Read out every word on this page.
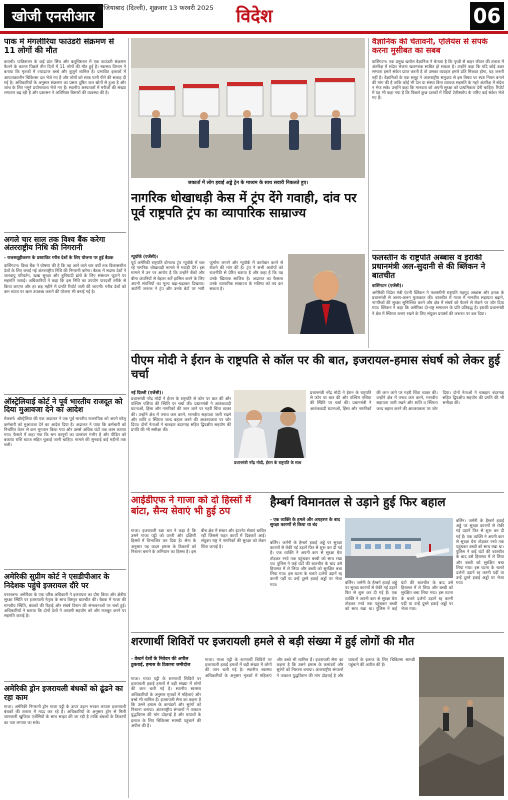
खोजी एनसीआर
गाजियाबाद (दिल्ली), शुक्रवार 13 फरवरी 2025 विदेश	06
पाक में मंगलीरिया फाउंडरी संक्रमण से 11 लोगों की मौत
कराची। पाकिस्तान के कई प्रांत सिंध और बलूचिस्तान में एक फाउंडरी संक्रमण फैलने के कारण पिछले तीन दिनों में 11 लोगों की मौत हुई है। स्वास्थ्य विभाग ने बताया कि मृतकों में ज्यादातर बच्चे और बुजुर्ग शामिल हैं। प्रभावित इलाकों में आपातकालीन चिकित्सा दल भेजे गए हैं और लोगों को साफ पानी पीने की सलाह दी गई है। अधिकारियों के अनुसार संक्रमण का प्रसार दूषित जल स्रोतों से हुआ है और जांच के लिए नमूने प्रयोगशाला भेजे गए हैं। स्थानीय अस्पतालों में मरीजों की संख्या लगातार बढ़ रही है और प्रशासन ने अतिरिक्त बिस्तरों की व्यवस्था की है।
अगले चार साल तक विश्व बैंक करेगा अंतरराष्ट्रीय निधि की निगरानी
- राजस्व्यूहीकरण के प्रस्तावित गरीब देशों के लिए योजना पर हुई बैठक
वाशिंगटन। विश्व बैंक ने घोषणा की है कि वह आने वाले चार वर्षों तक विकासशील देशों के लिए बनाई गई अंतरराष्ट्रीय निधि की निगरानी करेगा। बैठक में सदस्य देशों ने जलवायु परिवर्तन, खाद्य सुरक्षा और बुनियादी ढांचे के लिए संसाधन जुटाने पर सहमति जताई। अधिकारियों ने कहा कि इस निधि का उपयोग पारदर्शी तरीके से किया जाएगा और हर छह महीने में प्रगति रिपोर्ट जारी की जाएगी। गरीब देशों को कम ब्याज पर ऋण उपलब्ध कराने की योजना भी बनाई गई है।
ऑस्ट्रेलियाई कोर्ट ने पूर्व भारतीय राजदूत को दिया मुआवजा देने का आदेश
मेलबर्न। ऑस्ट्रेलिया की एक अदालत ने एक पूर्व भारतीय राजनयिक को अपने घरेलू कर्मचारी को मुआवजा देने का आदेश दिया है। अदालत ने पाया कि कर्मचारी को निर्धारित वेतन से कम भुगतान किया गया और उससे अधिक घंटों तक काम कराया गया। फैसले में कहा गया कि श्रम कानूनों का उल्लंघन गंभीर है और पीड़ित को बकाया राशि ब्याज सहित चुकाई जानी चाहिए। मामले की सुनवाई कई महीनों तक चली।
अमेरिकी सुप्रीम कोर्ट ने एसडीपीआर के निदेशक पहुंचे इजरायल दौरे पर
यरुशलम। अमेरिका के एक वरिष्ठ अधिकारी ने इजरायल का दौरा किया और क्षेत्रीय सुरक्षा स्थिति पर इजरायली नेतृत्व के साथ विस्तृत बातचीत की। बैठक में गाजा की मानवीय स्थिति, बंधकों की रिहाई और संघर्ष विराम की संभावनाओं पर चर्चा हुई। अधिकारियों ने बताया कि दोनों देशों ने आपसी सहयोग को और मजबूत करने पर सहमति जताई है।
अमेरिकी ड्रोन इजरायली बंधकों को ढूंढने का रहा काम
गाजा। अमेरिकी निगरानी ड्रोन गाजा पट्टी के ऊपर उड़ान भरकर लापता इजरायली बंधकों की तलाश में मदद कर रहे हैं। अधिकारियों के अनुसार ड्रोन से मिली जानकारी खुफिया एजेंसियों के साथ साझा की जा रही है ताकि बंधकों के ठिकानों का पता लगाया जा सके।
जकार्ता में लोग हवाई अड्डे ट्रेन के माध्यम के साथ सवारी निकलते हुए।
नागरिक धोखाधड़ी केस में ट्रंप देंगे गवाही, दांव पर पूर्व राष्ट्रपति ट्रंप का व्यापारिक साम्राज्य
न्यूयॉर्क (एजेंसी)।
पूर्व अमेरिकी राष्ट्रपति डोनाल्ड ट्रंप न्यूयॉर्क में चल रहे नागरिक धोखाधड़ी मामले में गवाही देंगे। इस मामले में उन पर आरोप है कि उन्होंने बैंकों और बीमा कंपनियों से बेहतर शर्तें हासिल करने के लिए अपनी संपत्तियों का मूल्य बढ़ा-चढ़ाकर दिखाया। अटॉर्नी जनरल ने ट्रंप और उनके बेटों पर भारी जुर्माना लगाने और न्यूयॉर्क में कारोबार करने से रोकने की मांग की है। ट्रंप ने सभी आरोपों को राजनीति से प्रेरित बताया है और कहा है कि यह उनके खिलाफ साजिश है। अदालत का फैसला उनके व्यापारिक साम्राज्य के भविष्य को तय कर सकता है।
वैज्ञानिक की चेतावनी, एलियंस से संपर्क करना मुसीबत का सबब
वाशिंगटन। एक प्रमुख खगोल वैज्ञानिक ने चेताया है कि पृथ्वी से बाहर जीवन की तलाश में अंतरिक्ष में संदेश भेजना खतरनाक साबित हो सकता है। उन्होंने कहा कि यदि कोई उन्नत सभ्यता हमारे संकेत प्राप्त करती है तो उसका व्यवहार हमारे प्रति मित्रवत होगा, यह जरूरी नहीं है। वैज्ञानिकों के एक समूह ने अंतरराष्ट्रीय समुदाय से इस विषय पर स्पष्ट नियम बनाने की मांग की है ताकि कोई भी देश या संस्था बिना व्यापक सहमति के गहरे अंतरिक्ष में संदेश न भेज सके। उन्होंने कहा कि मानवता को अपनी सुरक्षा को प्राथमिकता देनी चाहिए। रिपोर्ट में यह भी कहा गया है कि पिछले कुछ दशकों में रेडियो टेलीस्कोप के जरिए कई संकेत भेजे गए हैं।
फलस्तीन के राष्ट्रपति अब्बास व इराकी प्रधानमंत्री अल-सुदानी से की ब्लिंकन ने बातचीत
वाशिंगटन (एजेंसी)।
अमेरिकी विदेश मंत्री एंटनी ब्लिंकन ने फलस्तीनी राष्ट्रपति महमूद अब्बास और इराक के प्रधानमंत्री से अलग-अलग मुलाकात की। बातचीत में गाजा में मानवीय सहायता बढ़ाने, नागरिकों की सुरक्षा सुनिश्चित करने और क्षेत्र में संघर्ष को फैलने से रोकने पर जोर दिया गया। ब्लिंकन ने कहा कि अमेरिका दो-राष्ट्र समाधान के प्रति प्रतिबद्ध है। इराकी प्रधानमंत्री ने क्षेत्र में स्थिरता बनाए रखने के लिए संयुक्त प्रयासों की जरूरत पर बल दिया।
पीएम मोदी ने ईरान के राष्ट्रपति से कॉल पर की बात, इजरायल-हमास संघर्ष को लेकर हुई चर्चा
नई दिल्ली (एजेंसी)।
प्रधानमंत्री नरेंद्र मोदी ने ईरान के राष्ट्रपति से फोन पर बात की और पश्चिम एशिया की स्थिति पर चर्चा की। प्रधानमंत्री ने आतंकवादी घटनाओं, हिंसा और नागरिकों की जान जाने पर गहरी चिंता व्यक्त की। उन्होंने क्षेत्र में तनाव कम करने, मानवीय सहायता जारी रखने और शांति व स्थिरता जल्द बहाल करने की आवश्यकता पर जोर दिया। दोनों नेताओं ने चाबहार बंदरगाह सहित द्विपक्षीय सहयोग की प्रगति की भी समीक्षा की।
प्रधानमंत्री नरेंद्र मोदी, ईरान के राष्ट्रपति के साथ
प्रधानमंत्री नरेंद्र मोदी ने ईरान के राष्ट्रपति से फोन पर बात की और पश्चिम एशिया की स्थिति पर चर्चा की। प्रधानमंत्री ने आतंकवादी घटनाओं, हिंसा और नागरिकों की जान जाने पर गहरी चिंता व्यक्त की। उन्होंने क्षेत्र में तनाव कम करने, मानवीय सहायता जारी रखने और शांति व स्थिरता जल्द बहाल करने की आवश्यकता पर जोर दिया। दोनों नेताओं ने चाबहार बंदरगाह सहित द्विपक्षीय सहयोग की प्रगति की भी समीक्षा की।
आईडीएफ ने गाजा को दो हिस्सों में बांटा, सैन्य सेवाएं भी हुई ठप
गाजा। इजरायली रक्षा बल ने कहा है कि उसने गाजा पट्टी को उत्तरी और दक्षिणी हिस्सों में विभाजित कर दिया है। सेना के अनुसार यह कदम हमास के ठिकानों को निशाना बनाने के अभियान का हिस्सा है। इस बीच क्षेत्र में संचार और इंटरनेट सेवाएं बाधित रहीं जिससे राहत कार्यों में दिक्कतें आईं। संयुक्त राष्ट्र ने नागरिकों की सुरक्षा को लेकर चिंता जताई है।
हैम्बर्ग विमानतल से उड़ाने हुई फिर बहाल
- एक व्यक्ति के हमले और अपहरण के बाद सुरक्षा कारणों से किया था बंद
बर्लिन। जर्मनी के हैम्बर्ग हवाई अड्डे पर सुरक्षा कारणों से रोकी गई उड़ानें फिर से शुरू कर दी गई हैं। एक व्यक्ति ने अपनी कार से सुरक्षा घेरा तोड़कर रनवे तक पहुंचकर बच्ची को साथ रखा था। पुलिस ने कई घंटों की बातचीत के बाद उसे हिरासत में ले लिया और बच्ची को सुरक्षित बचा लिया गया। इस घटना के चलते दर्जनों उड़ानें रद्द करनी पड़ीं या उन्हें दूसरे हवाई अड्डों पर भेजा गया।
बर्लिन। जर्मनी के हैम्बर्ग हवाई अड्डे पर सुरक्षा कारणों से रोकी गई उड़ानें फिर से शुरू कर दी गई हैं। एक व्यक्ति ने अपनी कार से सुरक्षा घेरा तोड़कर रनवे तक पहुंचकर बच्ची को साथ रखा था। पुलिस ने कई घंटों की बातचीत के बाद उसे हिरासत में ले लिया और बच्ची को सुरक्षित बचा लिया गया। इस घटना के चलते दर्जनों उड़ानें रद्द करनी पड़ीं या उन्हें दूसरे हवाई अड्डों पर भेजा गया।
बर्लिन। जर्मनी के हैम्बर्ग हवाई अड्डे पर सुरक्षा कारणों से रोकी गई उड़ानें फिर से शुरू कर दी गई हैं। एक व्यक्ति ने अपनी कार से सुरक्षा घेरा तोड़कर रनवे तक पहुंचकर बच्ची को साथ रखा था। पुलिस ने कई घंटों की बातचीत के बाद उसे हिरासत में ले लिया और बच्ची को सुरक्षित बचा लिया गया। इस घटना के चलते दर्जनों उड़ानें रद्द करनी पड़ीं या उन्हें दूसरे हवाई अड्डों पर भेजा गया।
शरणार्थी शिविरों पर इजरायली हमले से बड़ी संख्या में हुई लोगों की मौत
- वेस्टर्न देशों के निवेदन की अपील ठुकराई, हमास के ठिकाना जमीदोज
गाजा। गाजा पट्टी के शरणार्थी शिविरों पर इजरायली हवाई हमलों में बड़ी संख्या में लोगों की जान चली गई है। स्थानीय स्वास्थ्य अधिकारियों के अनुसार मृतकों में महिलाएं और बच्चे भी शामिल हैं। इजरायली सेना का कहना है कि उसने हमास के कमांडरों और सुरंगों को निशाना बनाया। अंतरराष्ट्रीय संगठनों ने तत्काल युद्धविराम की मांग दोहराई है और घायलों के इलाज के लिए चिकित्सा सामग्री पहुंचाने की अपील की है।
गाजा। गाजा पट्टी के शरणार्थी शिविरों पर इजरायली हवाई हमलों में बड़ी संख्या में लोगों की जान चली गई है। स्थानीय स्वास्थ्य अधिकारियों के अनुसार मृतकों में महिलाएं और बच्चे भी शामिल हैं। इजरायली सेना का कहना है कि उसने हमास के कमांडरों और सुरंगों को निशाना बनाया। अंतरराष्ट्रीय संगठनों ने तत्काल युद्धविराम की मांग दोहराई है और घायलों के इलाज के लिए चिकित्सा सामग्री पहुंचाने की अपील की है।
